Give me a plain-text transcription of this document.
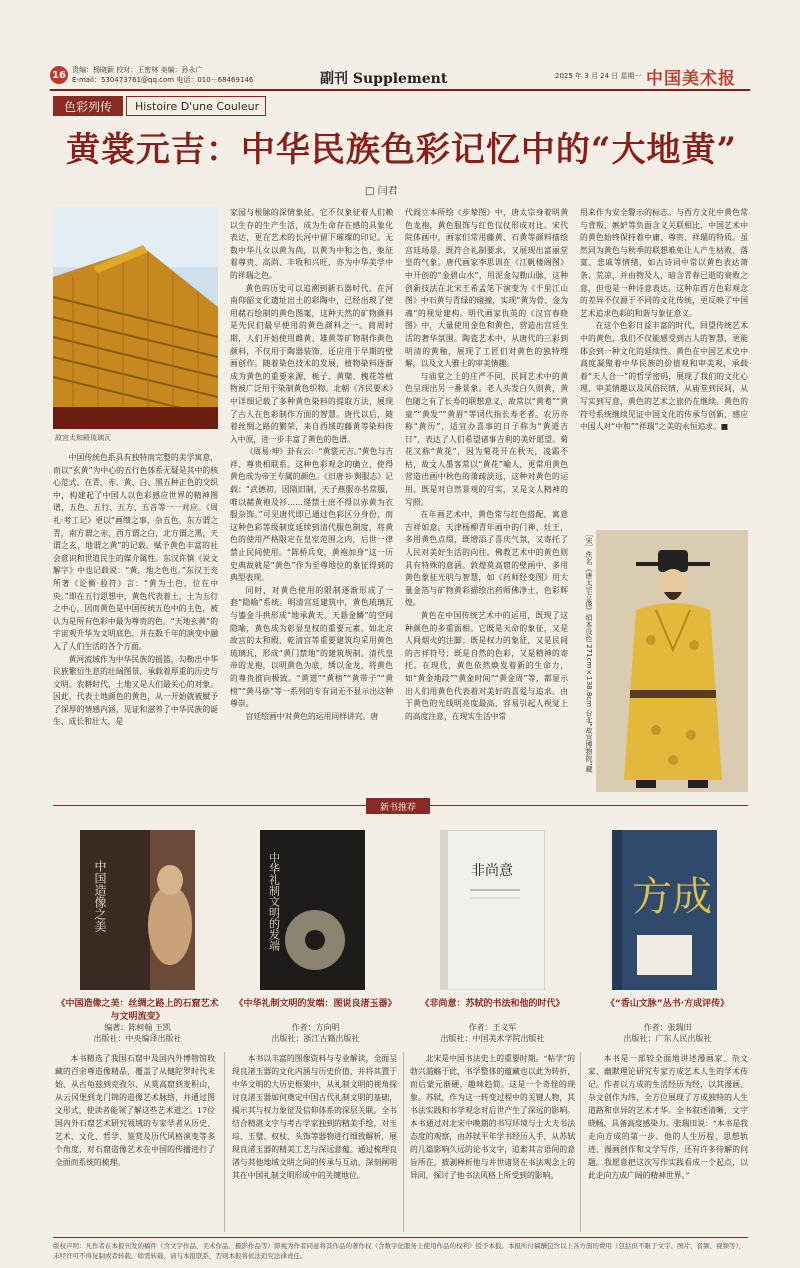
16 责编：杨晓颖 校对：王密林 美编：孙永广
E-mail：530473761@qq.com 电话：010－68469146	副刊 Supplement	2025 年 3 月 24 日 星期一 中国美术报
色彩列传	Histoire D'une Couleur
黄裳元吉：中华民族色彩记忆中的“大地黄”
□ 闫君
故宫太和殿琉璃瓦

中国传统色系具有独特而完整的美学寓意，而以“玄黄”为中心的五行色体系无疑是其中的核心范式。在青、赤、黄、白、黑五种正色的交织中，构建起了中国人以色彩感应世界的精神图谱，五色、五行、五方、五音等一一对应。《周礼·考工记》更以“画缋之事，杂五色。东方谓之青，南方谓之赤，西方谓之白，北方谓之黑，天谓之玄，地谓之黄”的记载，赋予黄色丰富的社会意识和世道民生的媒介属性。东汉许慎《说文解字》中也记载说：“黄，地之色也。”东汉王充所著《论衡·验符》言：“黄为土色，位在中央。”即在五行思想中，黄色代表着土，土为五行之中心，因而黄色是中国传统五色中的主色，被认为是所有色彩中最为尊贵的色。“天地玄黄”的宇宙观升华为文明底色，并在数千年的演变中融入了人们生活的各个方面。

黄河流域作为中华民族的摇篮，勾勒出中华民族繁衍生息的壮阔图景，承载着厚重的历史与文明。农耕时代，土地又是人们最关心的对象。因此，代表土地颜色的黄色，从一开始就被赋予了深厚的情感内涵，见证和滋养了中华民族的诞生、成长和壮大，是

家园与根脉的深情象征。它不仅象征着人们赖以生存的生产生活，成为生命存在感的具象化表达，更在艺术的长河中留下璀璨的印记。无数中华儿女以黄为尚，以黄为中和之色，象征着尊贵、高尚、丰收和兴旺，亦为中华美学中的祥瑞之色。

黄色的历史可以追溯到新石器时代。在河南仰韶文化遗址出土的彩陶中，已经出现了使用赭石绘制的黄色图案，这种天然的矿物颜料是先民们最早使用的黄色颜料之一。商周时期，人们开始使用雌黄、雄黄等矿物制作黄色颜料，不仅用于陶器装饰，还应用于早期的壁画创作。随着染色技术的发展，植物染料逐渐成为黄色的重要来源，栀子、黄檗、槐花等植物被广泛用于染制黄色织物。北朝《齐民要术》中详细记载了多种黄色染料的提取方法，展现了古人在色彩制作方面的智慧。唐代以后，随着丝绸之路的繁荣，来自西域的藤黄等染料传入中原，进一步丰富了黄色的色谱。

《周易·坤》卦有云：“黄裳元吉。”黄色与吉祥、尊贵相联系。这种色彩观念的确立，使得黄色成为帝王专属的颜色。《旧唐书·舆服志》记载：“武德初，因隋旧制，天子燕服亦名常服，唯以赭黄袍及衫……递禁士庶不得以赤黄为衣服杂饰。”可见唐代即已通过色彩区分身份，而这种色彩等级制度延续到清代服色制度，将黄色的使用严格限定在皇室范围之内，后世一律禁止民间使用。“陈桥兵变，黄袍加身”这一历史典故就是“黄色”作为至尊地位的象征得到的典型表现。

同时，对黄色使用的限制逐渐形成了一套“隐喻”系统。明清宫廷建筑中，黄色琉璃瓦与鎏金斗拱形成“地承黄天，天悬金鳞”的空间隐喻，黄色成为彰显皇权的重要元素。如北京故宫的太和殿、乾清宫等重要建筑均采用黄色琉璃瓦，形成“黄门禁地”的建筑规制。清代皇帝的龙袍，以明黄色为底，绣以金龙，将黄色的尊贵推向极致。“黄道”“黄榜”“黄带子”“黄榜”“黄马褂”等一系列的专有词无不显示出这种尊崇。

宫廷绘画中对黄色的运用同样讲究。唐

代阎立本所绘《步辇图》中，唐太宗身着明黄色龙袍，黄色服饰与红色仪仗形成对比。宋代院体画中，画家们常用藤黄、石黄等颜料描绘宫廷场景，既符合礼制要求，又展现出富丽堂皇的气象。唐代画家李思训在《江帆楼阁图》中开创的“金碧山水”，用泥金勾勒山脉，这种创新技法在北宋王希孟笔下演变为《千里江山图》中石黄与青绿的碰撞，实现“黄为骨、金为魂”的视觉建构。明代画家仇英的《汉宫春晓图》中，大量使用金色和黄色，营造出宫廷生活的奢华氛围。陶瓷艺术中，从唐代的三彩到明清的黄釉，展现了工匠们对黄色的独特理解，以及文人雅士的审美情趣。

与庙堂之上的庄严不同，民间艺术中的黄色呈现出另一番景象。老人头发白久则黄，黄色随之有了长寿的联想意义，故常以“黄耇”“黄童”“黄发”“黄眉”等词代指长寿老者。农历亦称“黄历”，适宜办喜事的日子称为“黄道吉日”，表达了人们希望诸事吉利的美好愿望。菊花又称“黄花”，因为菊花开在秋天，凌霜不枯，故文人墨客常以“黄花”喻人，更常用黄色营造出画中秋色的萧疏淡远，这种对黄色的运用，既是对自然景观的写实，又是文人精神的写照。

在年画艺术中，黄色常与红色搭配，寓意吉祥如意。天津杨柳青年画中的门神、灶王，多用黄色点缀，既增添了喜庆气氛，又寄托了人民对美好生活的向往。佛教艺术中的黄色则具有特殊的意涵。敦煌莫高窟的壁画中，多用黄色象征光明与智慧，如《药师经变图》用大量金箔与矿物黄彩描绘出药师佛净土，色彩辉煌。

黄色在中国传统艺术中的运用，既现了这种颜色的多重面相。它既是天命的象征，又是人间烟火的注脚；既是权力的象征，又是民间的吉祥符号；既是自然的色彩，又是精神的寄托。在现代，黄色依然焕发着新的生命力，如“黄金地段”“黄金时间”“黄金周”等，都显示出人们用黄色代表着对美好的喜爱与追求。由于黄色的光线明亮度最高，容易引起人视觉上的高度注意，在现实生活中常

用来作为安全警示的标志。与西方文化中黄色常与背叛、嫉妒等负面含义关联相比，中国艺术中的黄色始终保持着中庸、尊贵、祥瑞的特质。虽然同为黄色与秋季的联想难免让人产生枯败、落寞、悲戚等情绪，如古诗词中常以黄色表达萧条、荒凉，并由物及人，暗含青春已逝的衰败之意，但也是一种诗意表达。这种东西方色彩观念的差异不仅源于不同的文化传统，更反映了中国艺术追求色彩的和谐与象征意义。

在这个色彩日益丰富的时代，回望传统艺术中的黄色，我们不仅能感受到古人的智慧，更能体会到一种文化的延续性。黄色在中国艺术史中高度凝聚着中华民族的价值观和审美观，承载着“天人合一”的哲学密码，展现了我们的文化心理、审美情趣以及风俗民情，从庙堂到民间，从写实到写意，黄色的艺术之旅仍在继续。黄色的符号系统继续见证中国文化的传承与创新，感应中国人对“中和”“祥瑞”之美的永恒追求。■

［宋］佚名《唐太宗立像》绢本设色 271cm×138.8cm 台北“故宫博物院”藏
新书推荐
中国造像之美
《中国造像之美：丝绸之路上的石窟艺术与文明流变》
编著：陈柯翰 王凯
出版社：中央编译出版社

本书精选了我国石窟中及国内外博物馆收藏的百余尊造像精品，覆盖了从健陀罗时代未始、从古龟兹到克孜尔、从莫高窟到麦积山，从云冈堡到龙门锦的造像艺术脉络，并通过图文形式，使读者能领了解这些艺术道之。17位国内外石窟艺术研究领域的专家学者从历史、艺术、文化、哲学、鉴赏及历代风格演变等多个角度，对石窟造像艺术在中国的传播进行了全面而系统的梳理。

中华礼制文明的发端
《中华礼制文明的发端：图说良渚玉器》
作者：方向明
出版社：浙江古籍出版社

本书以丰富的图像资料与专业解读，全面呈现良渚玉器的文化内涵与历史价值，并将其置于中华文明的大历史框架中，从礼制文明的视角探讨良渚玉器如何奠定中国古代礼制文明的基础，揭示其与权力象征及信仰体系的深层关联。全书结合精湛文字与考古学家独到的精美手绘，对玉琮、玉璧、权杖、头饰等器物进行细致解析，展现良渚玉器的精美工艺与深远意蕴。通过梳理良渚与其他地域文明之间的传承与互动，深刻阐明其在中国礼制文明形成中的关键地位。

非尚意
《非尚意：苏轼的书法和他的时代》
作者：王义军
出版社：中国美术学院出版社

北宋是中国书法史上的重要时期。“帖学”的勃兴滥觞于此，书学整体的蕴藏也以此为转折，而后蒙元渐硬，趣味趋简。这是一个奇怪的现象。苏轼，作为这一转变过程中的关键人物，其书法实践和书学观念对后世产生了深远的影响。本书通过对北宋中晚期的书写环境与士大夫书法态度的观察，由苏轼平年学书经历入手，从苏轼的几篇影响久远的论书文字，追索其言语间的意旨所在，披剥释析他与并世诸贤在书法观念上的异同，探讨了他书法风格上所受到的影响。

方成
《“香山文脉”丛书·方成评传》
作者：张瑞田
出版社：广东人民出版社

本书是一部较全面地讲述漫画家、杂文家、幽默理论研究专家方成艺术人生的学术传记。作者以方成的生活经历为经，以其漫画、杂文创作为纬，全方位展现了方成独特的人生道路和卓异的艺术才华。全书叙述清晰，文字晓畅，具备高度感染力。张瑞田说：“本书是我走向方成的第一步。他的人生历程、思想轨迹、漫画创作和文学写作，还有许多待解的问题。我愿意把这次写作实践看成一个起点，以此走向方成广阔的精神世界。”

版权声明：凡作者在本报刊发的稿件（含文字作品、美术作品、摄影作品等）即视为作者同意将其作品的著作权（含数字化服务上使用作品的权利）授予本报。本报所付稿酬包含以上各方面的费用（包括但不限于文字、图片、音频、视频等），未经许可不得复制或者转载。如需转载，请与本报联系，否则本报将依法追究法律责任。
